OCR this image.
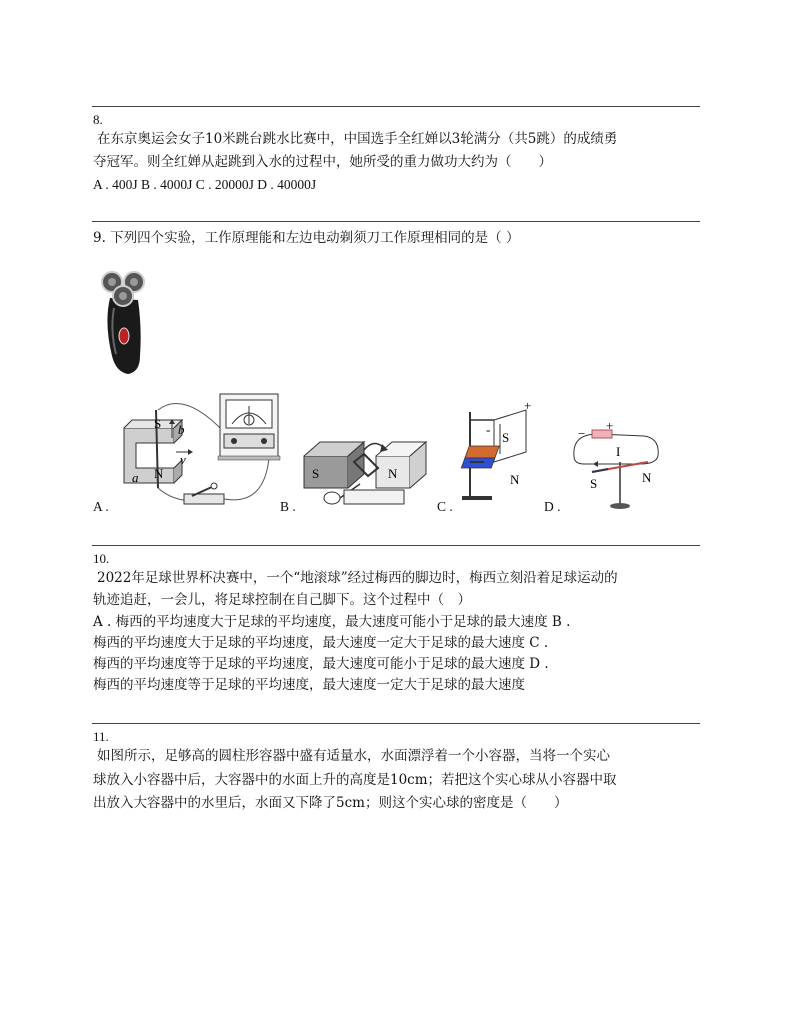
8.
在东京奥运会女子10米跳台跳水比赛中，中国选手全红婵以3轮满分（共5跳）的成绩勇
夺冠军。则全红婵从起跳到入水的过程中，她所受的重力做功大约为（　　）
A . 400J B . 4000J C . 20000J D . 40000J
9. 下列四个实验，工作原理能和左边电动剃须刀工作原理相同的是（ ）
S
N
b
v
a
A .
S	N
B .
+
-
S
N
C .
−
+
I
S	N
D .
10.
2022年足球世界杯决赛中，一个“地滚球”经过梅西的脚边时，梅西立刻沿着足球运动的
轨迹追赶，一会儿，将足球控制在自己脚下。这个过程中（　）
A . 梅西的平均速度大于足球的平均速度，最大速度可能小于足球的最大速度 B .
梅西的平均速度大于足球的平均速度，最大速度一定大于足球的最大速度 C .
梅西的平均速度等于足球的平均速度，最大速度可能小于足球的最大速度 D .
梅西的平均速度等于足球的平均速度，最大速度一定大于足球的最大速度
11.
如图所示，足够高的圆柱形容器中盛有适量水，水面漂浮着一个小容器，当将一个实心
球放入小容器中后，大容器中的水面上升的高度是10cm；若把这个实心球从小容器中取
出放入大容器中的水里后，水面又下降了5cm；则这个实心球的密度是（　　）
